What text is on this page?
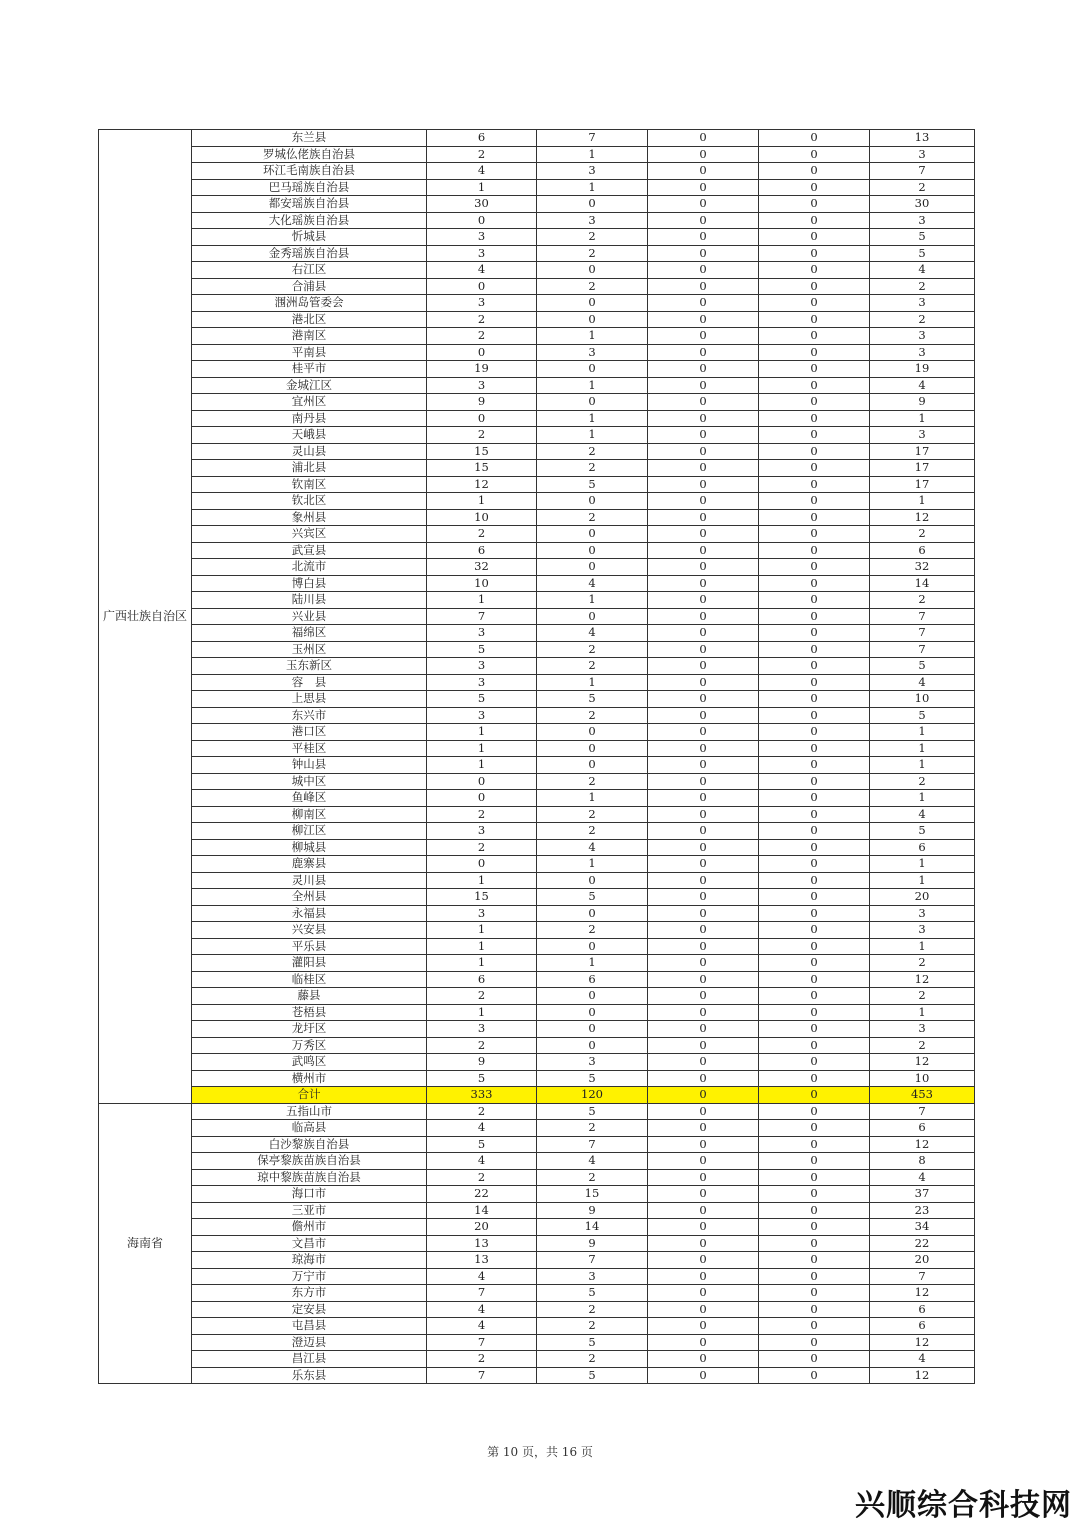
广西壮族自治区	东兰县	6	7	0	0	13
	罗城仫佬族自治县	2	1	0	0	3
	环江毛南族自治县	4	3	0	0	7
	巴马瑶族自治县	1	1	0	0	2
	都安瑶族自治县	30	0	0	0	30
	大化瑶族自治县	0	3	0	0	3
	忻城县	3	2	0	0	5
	金秀瑶族自治县	3	2	0	0	5
	右江区	4	0	0	0	4
	合浦县	0	2	0	0	2
	涠洲岛管委会	3	0	0	0	3
	港北区	2	0	0	0	2
	港南区	2	1	0	0	3
	平南县	0	3	0	0	3
	桂平市	19	0	0	0	19
	金城江区	3	1	0	0	4
	宜州区	9	0	0	0	9
	南丹县	0	1	0	0	1
	天峨县	2	1	0	0	3
	灵山县	15	2	0	0	17
	浦北县	15	2	0	0	17
	钦南区	12	5	0	0	17
	钦北区	1	0	0	0	1
	象州县	10	2	0	0	12
	兴宾区	2	0	0	0	2
	武宣县	6	0	0	0	6
	北流市	32	0	0	0	32
	博白县	10	4	0	0	14
	陆川县	1	1	0	0	2
	兴业县	7	0	0	0	7
	福绵区	3	4	0	0	7
	玉州区	5	2	0	0	7
	玉东新区	3	2	0	0	5
	容　县	3	1	0	0	4
	上思县	5	5	0	0	10
	东兴市	3	2	0	0	5
	港口区	1	0	0	0	1
	平桂区	1	0	0	0	1
	钟山县	1	0	0	0	1
	城中区	0	2	0	0	2
	鱼峰区	0	1	0	0	1
	柳南区	2	2	0	0	4
	柳江区	3	2	0	0	5
	柳城县	2	4	0	0	6
	鹿寨县	0	1	0	0	1
	灵川县	1	0	0	0	1
	全州县	15	5	0	0	20
	永福县	3	0	0	0	3
	兴安县	1	2	0	0	3
	平乐县	1	0	0	0	1
	灌阳县	1	1	0	0	2
	临桂区	6	6	0	0	12
	藤县	2	0	0	0	2
	苍梧县	1	0	0	0	1
	龙圩区	3	0	0	0	3
	万秀区	2	0	0	0	2
	武鸣区	9	3	0	0	12
	横州市	5	5	0	0	10
	合计	333	120	0	0	453
海南省	五指山市	2	5	0	0	7
	临高县	4	2	0	0	6
	白沙黎族自治县	5	7	0	0	12
	保亭黎族苗族自治县	4	4	0	0	8
	琼中黎族苗族自治县	2	2	0	0	4
	海口市	22	15	0	0	37
	三亚市	14	9	0	0	23
	儋州市	20	14	0	0	34
	文昌市	13	9	0	0	22
	琼海市	13	7	0	0	20
	万宁市	4	3	0	0	7
	东方市	7	5	0	0	12
	定安县	4	2	0	0	6
	屯昌县	4	2	0	0	6
	澄迈县	7	5	0	0	12
	昌江县	2	2	0	0	4
	乐东县	7	5	0	0	12
第 10 页，共 16 页
兴顺综合科技网
